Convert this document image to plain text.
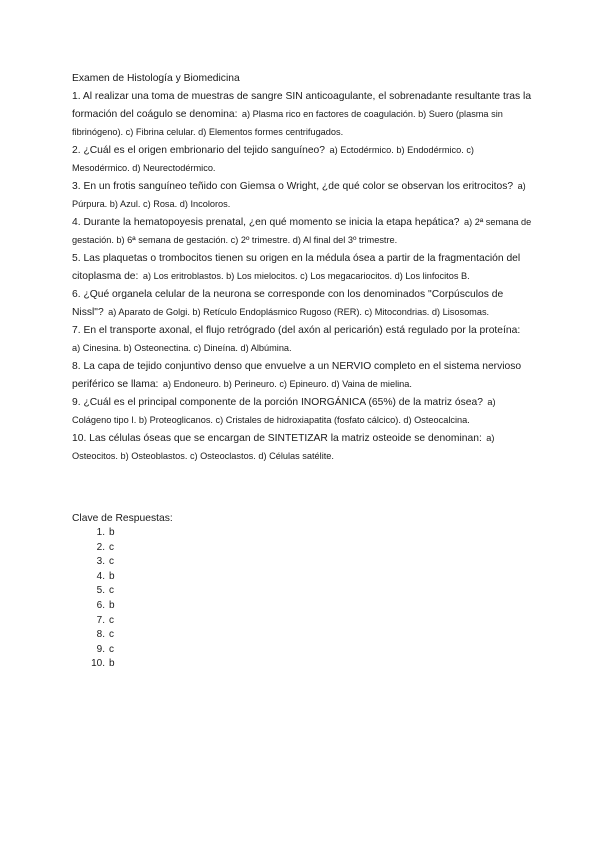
Examen de Histología y Biomedicina

1. Al realizar una toma de muestras de sangre SIN anticoagulante, el sobrenadante resultante tras la formación del coágulo se denomina: a) Plasma rico en factores de coagulación. b) Suero (plasma sin fibrinógeno). c) Fibrina celular. d) Elementos formes centrifugados.

2. ¿Cuál es el origen embrionario del tejido sanguíneo? a) Ectodérmico. b) Endodérmico. c) Mesodérmico. d) Neurectodérmico.

3. En un frotis sanguíneo teñido con Giemsa o Wright, ¿de qué color se observan los eritrocitos? a) Púrpura. b) Azul. c) Rosa. d) Incoloros.

4. Durante la hematopoyesis prenatal, ¿en qué momento se inicia la etapa hepática? a) 2ª semana de gestación. b) 6ª semana de gestación. c) 2º trimestre. d) Al final del 3º trimestre.

5. Las plaquetas o trombocitos tienen su origen en la médula ósea a partir de la fragmentación del citoplasma de: a) Los eritroblastos. b) Los mielocitos. c) Los megacariocitos. d) Los linfocitos B.

6. ¿Qué organela celular de la neurona se corresponde con los denominados "Corpúsculos de Nissl"? a) Aparato de Golgi. b) Retículo Endoplásmico Rugoso (RER). c) Mitocondrias. d) Lisosomas.

7. En el transporte axonal, el flujo retrógrado (del axón al pericarión) está regulado por la proteína: a) Cinesina. b) Osteonectina. c) Dineína. d) Albúmina.

8. La capa de tejido conjuntivo denso que envuelve a un NERVIO completo en el sistema nervioso periférico se llama: a) Endoneuro. b) Perineuro. c) Epineuro. d) Vaina de mielina.

9. ¿Cuál es el principal componente de la porción INORGÁNICA (65%) de la matriz ósea? a) Colágeno tipo I. b) Proteoglicanos. c) Cristales de hidroxiapatita (fosfato cálcico). d) Osteocalcina.

10. Las células óseas que se encargan de SINTETIZAR la matriz osteoide se denominan: a) Osteocitos. b) Osteoblastos. c) Osteoclastos. d) Células satélite.

Clave de Respuestas:
1. b
2. c
3. c
4. b
5. c
6. b
7. c
8. c
9. c
10. b
